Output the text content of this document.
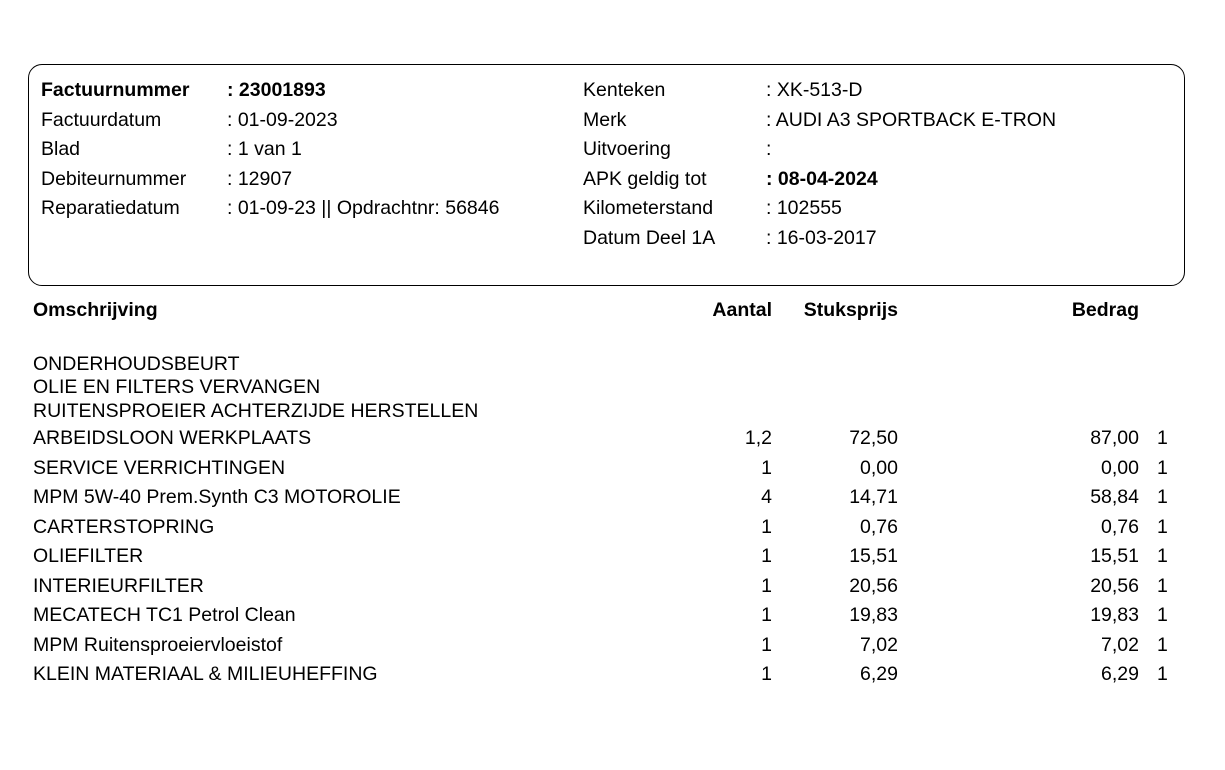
Factuurnummer : 23001893
Factuurdatum	: 01-09-2023
Blad	: 1 van 1
Debiteurnummer : 12907
Reparatiedatum : 01-09-23 || Opdrachtnr: 56846
Kenteken	: XK-513-D
Merk	: AUDI A3 SPORTBACK E-TRON
Uitvoering	:
APK geldig tot	: 08-04-2024
Kilometerstand	: 102555
Datum Deel 1A	: 16-03-2017
Omschrijving	Aantal Stuksprijs	Bedrag
ONDERHOUDSBEURT
OLIE EN FILTERS VERVANGEN
RUITENSPROEIER ACHTERZIJDE HERSTELLEN
ARBEIDSLOON WERKPLAATS	1,2	72,50	87,00 1
SERVICE VERRICHTINGEN	1	0,00	0,00 1
MPM 5W-40 Prem.Synth C3 MOTOROLIE	4	14,71	58,84 1
CARTERSTOPRING	1	0,76	0,76 1
OLIEFILTER	1	15,51	15,51 1
INTERIEURFILTER	1	20,56	20,56 1
MECATECH TC1 Petrol Clean	1	19,83	19,83 1
MPM Ruitensproeiervloeistof	1	7,02	7,02 1
KLEIN MATERIAAL & MILIEUHEFFING	1	6,29	6,29 1
